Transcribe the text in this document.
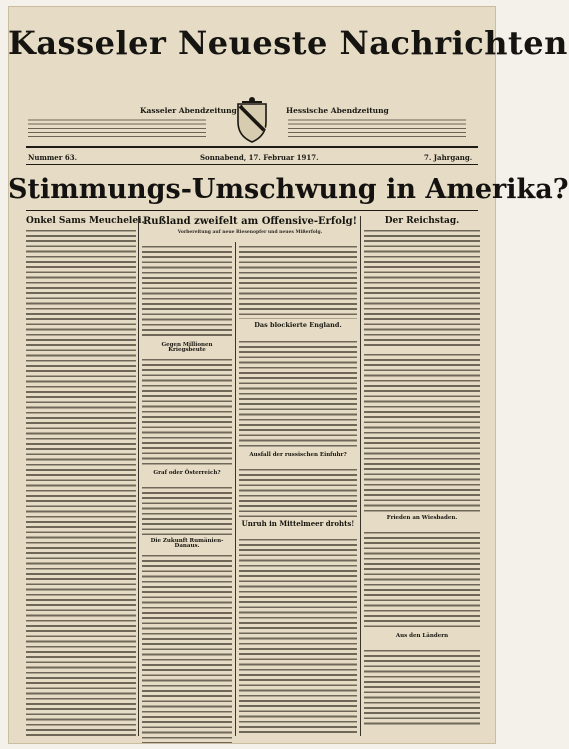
Kasseler Neueste Nachrichten
Kasseler Abendzeitung	Hessische Abendzeitung
Nummer 63.	Sonnabend, 17. Februar 1917.	7. Jahrgang.
Stimmungs-Umschwung in Amerika?
Onkel Sams Meuchelei.
Rußland zweifelt am Offensive-Erfolg!
Vorbereitung auf neue Riesenopfer und neues Mißerfolg.
Gegen Millionen Kriegsbeute
Graf oder Österreich?
Die Zukunft Rumänien-Danaus.
Das blockierte England.
Ausfall der russischen Einfuhr?
Unruh in Mittelmeer drohts!
Der Reichstag.
Frieden an Wiesbaden.
Aus den Ländern
